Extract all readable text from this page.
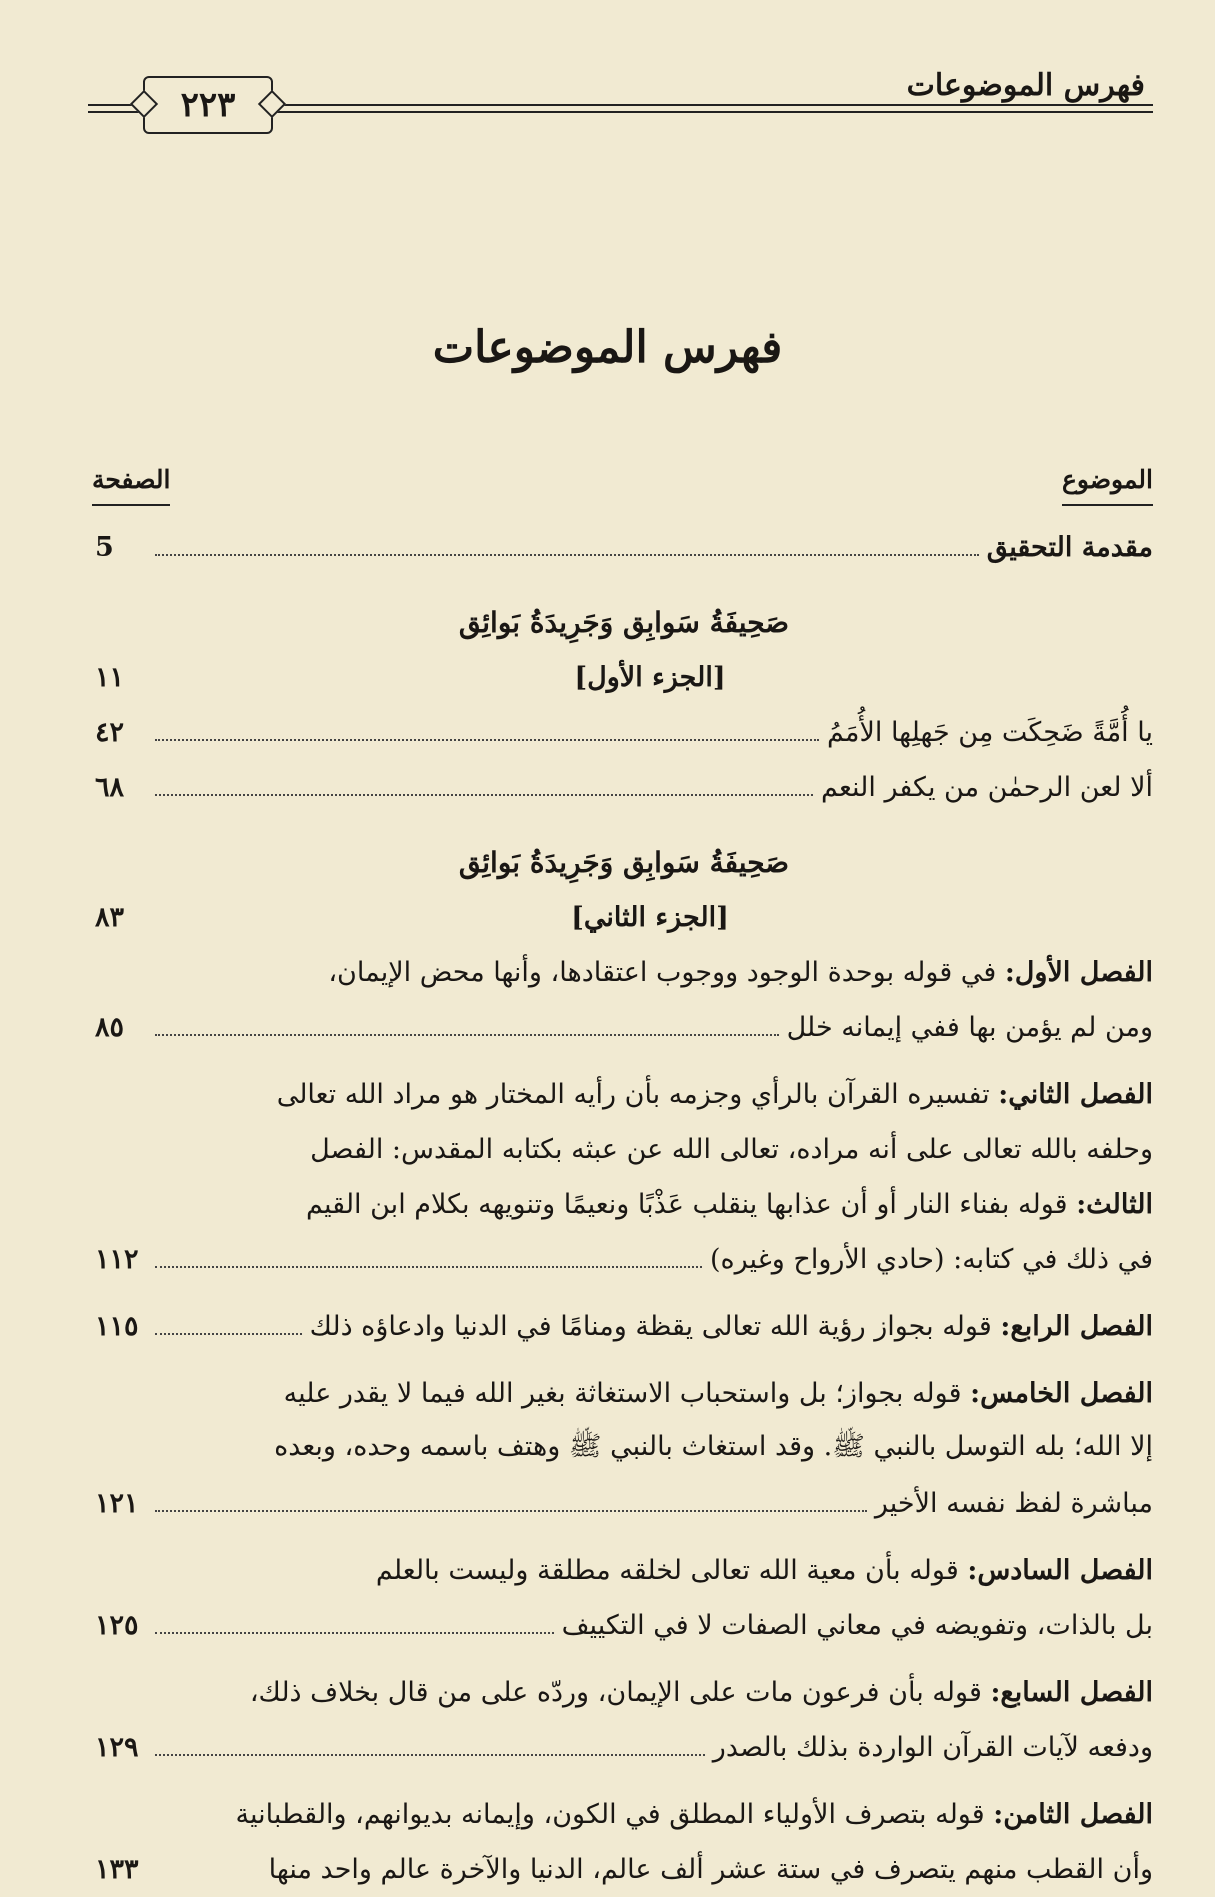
فهرس الموضوعات
٢٢٣
فهرس الموضوعات
الموضوع
الصفحة
مقدمة التحقيق
5
صَحِيفَةُ سَوابِق وَجَرِيدَةُ بَوائِق
[الجزء الأول]
١١
يا أُمَّةً ضَحِكَت مِن جَهلِها الأُمَمُ
٤٢
ألا لعن الرحمٰن من يكفر النعم
٦٨
صَحِيفَةُ سَوابِق وَجَرِيدَةُ بَوائِق
[الجزء الثاني]
٨٣
الفصل الأول:

في قوله بوحدة الوجود ووجوب اعتقادها، وأنها محض الإيمان،
ومن لم يؤمن بها ففي إيمانه خلل
٨٥
الفصل الثاني:

تفسيره القرآن بالرأي وجزمه بأن رأيه المختار هو مراد الله تعالى
وحلفه بالله تعالى على أنه مراده، تعالى الله عن عبثه بكتابه المقدس: الفصل
الثالث:

قوله بفناء النار أو أن عذابها ينقلب عَذْبًا ونعيمًا وتنويهه بكلام ابن القيم
في ذلك في كتابه: (حادي الأرواح وغيره)
١١٢
الفصل الرابع:

قوله بجواز رؤية الله تعالى يقظة ومنامًا في الدنيا وادعاؤه ذلك
١١٥
الفصل الخامس:

قوله بجواز؛ بل واستحباب الاستغاثة بغير الله فيما لا يقدر عليه
إلا الله؛ بله التوسل بالنبي ﷺ. وقد استغاث بالنبي ﷺ وهتف باسمه وحده، وبعده
مباشرة لفظ نفسه الأخير
١٢١
الفصل السادس:

قوله بأن معية الله تعالى لخلقه مطلقة وليست بالعلم
بل بالذات، وتفويضه في معاني الصفات لا في التكييف
١٢٥
الفصل السابع:

قوله بأن فرعون مات على الإيمان، وردّه على من قال بخلاف ذلك،
ودفعه لآيات القرآن الواردة بذلك بالصدر
١٢٩
الفصل الثامن:

قوله بتصرف الأولياء المطلق في الكون، وإيمانه بديوانهم، والقطبانية
وأن القطب منهم يتصرف في ستة عشر ألف عالم، الدنيا والآخرة عالم واحد منها
١٣٣
